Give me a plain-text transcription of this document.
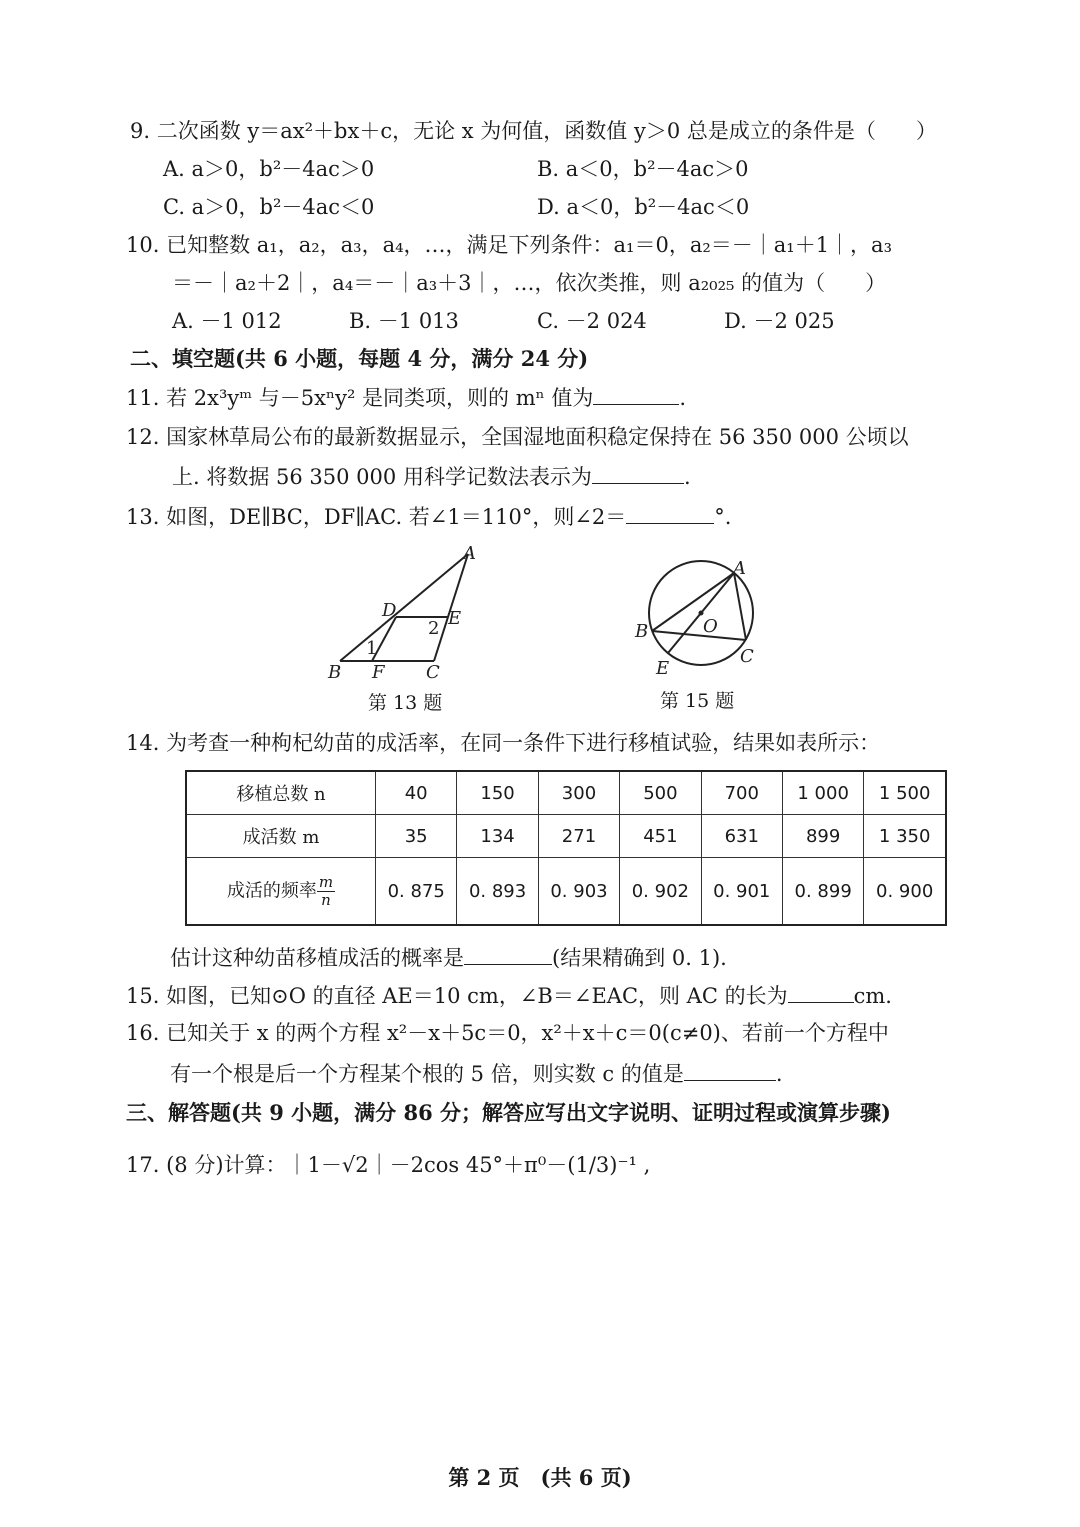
9. 二次函数 y＝ax²＋bx＋c，无论 x 为何值，函数值 y＞0 总是成立的条件是（ ）
A. a＞0，b²－4ac＞0	B. a＜0，b²－4ac＞0
C. a＞0，b²－4ac＜0	D. a＜0，b²－4ac＜0
10. 已知整数 a₁，a₂，a₃，a₄，…，满足下列条件：a₁＝0，a₂＝－｜a₁＋1｜，a₃
＝－｜a₂＋2｜，a₄＝－｜a₃＋3｜，…，依次类推，则 a₂₀₂₅ 的值为（ ）
A. －1 012	B. －1 013	C. －2 024	D. －2 025
二、填空题(共 6 小题，每题 4 分，满分 24 分)
11. 若 2x³yᵐ 与－5xⁿy² 是同类项，则的 mⁿ 值为	.
12. 国家林草局公布的最新数据显示，全国湿地面积稳定保持在 56 350 000 公顷以
上. 将数据 56 350 000 用科学记数法表示为	.
13. 如图，DE∥BC，DF∥AC. 若∠1＝110°，则∠2＝	°.
A
D	E
2
1
B F C
第 13 题
A
O
B
C
E
第 15 题
14. 为考查一种枸杞幼苗的成活率，在同一条件下进行移植试验，结果如表所示：
移植总数 n	40	150	300	500	700	1 000	1 500
成活数 m	35	134	271	451	631	899	1 350
成活的频率 $\frac{m}{n}$	0. 875	0. 893	0. 903	0. 902	0. 901	0. 899	0. 900
估计这种幼苗移植成活的概率是	(结果精确到 0. 1).
15. 如图，已知⊙O 的直径 AE＝10 cm，∠B＝∠EAC，则 AC 的长为	cm.
16. 已知关于 x 的两个方程 x²－x＋5c＝0，x²＋x＋c＝0(c≠0)、若前一个方程中
有一个根是后一个方程某个根的 5 倍，则实数 c 的值是	.
三、解答题(共 9 小题，满分 86 分；解答应写出文字说明、证明过程或演算步骤)
17. (8 分)计算：｜1－√2｜－2cos 45°＋π⁰－(1/3)⁻¹ ,
第 2 页　(共 6 页)
